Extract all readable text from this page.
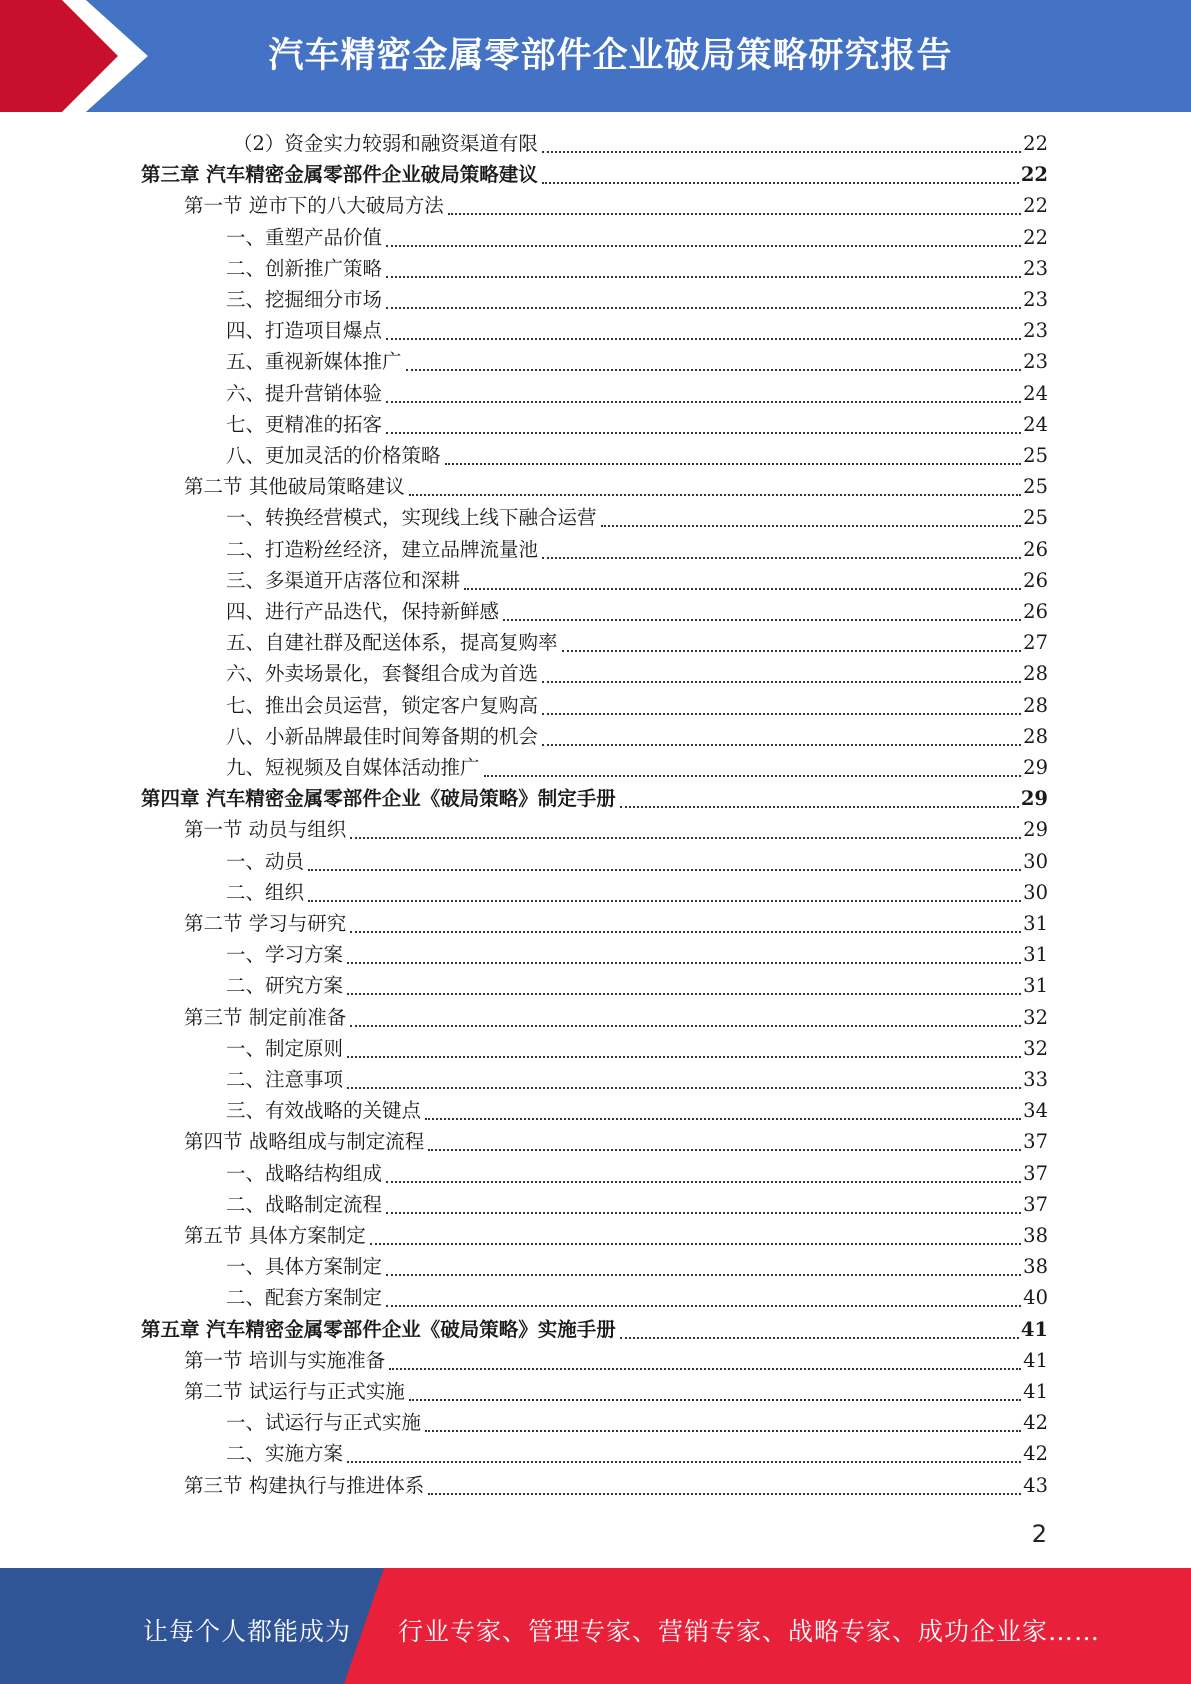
汽车精密金属零部件企业破局策略研究报告
（2）资金实力较弱和融资渠道有限	22
第三章 汽车精密金属零部件企业破局策略建议	22
第一节 逆市下的八大破局方法	22
一、重塑产品价值	22
二、创新推广策略	23
三、挖掘细分市场	23
四、打造项目爆点	23
五、重视新媒体推广	23
六、提升营销体验	24
七、更精准的拓客	24
八、更加灵活的价格策略	25
第二节 其他破局策略建议	25
一、转换经营模式，实现线上线下融合运营	25
二、打造粉丝经济，建立品牌流量池	26
三、多渠道开店落位和深耕	26
四、进行产品迭代，保持新鲜感	26
五、自建社群及配送体系，提高复购率	27
六、外卖场景化，套餐组合成为首选	28
七、推出会员运营，锁定客户复购高	28
八、小新品牌最佳时间筹备期的机会	28
九、短视频及自媒体活动推广	29
第四章 汽车精密金属零部件企业《破局策略》制定手册	29
第一节 动员与组织	29
一、动员	30
二、组织	30
第二节 学习与研究	31
一、学习方案	31
二、研究方案	31
第三节 制定前准备	32
一、制定原则	32
二、注意事项	33
三、有效战略的关键点	34
第四节 战略组成与制定流程	37
一、战略结构组成	37
二、战略制定流程	37
第五节 具体方案制定	38
一、具体方案制定	38
二、配套方案制定	40
第五章 汽车精密金属零部件企业《破局策略》实施手册	41
第一节 培训与实施准备	41
第二节 试运行与正式实施	41
一、试运行与正式实施	42
二、实施方案	42
第三节 构建执行与推进体系	43
2
让每个人都能成为 行业专家、管理专家、营销专家、战略专家、成功企业家……
